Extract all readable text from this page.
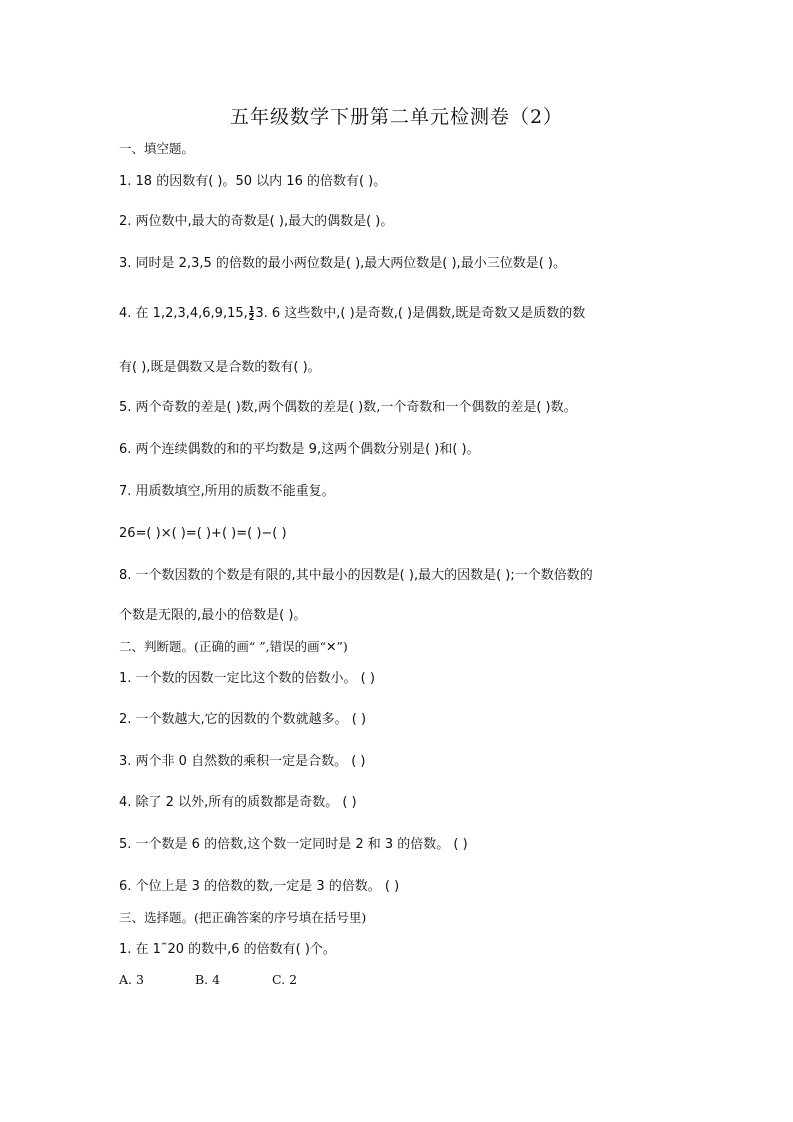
五年级数学下册第二单元检测卷（2）
一、填空题。
1. 18 的因数有( )。50 以内 16 的倍数有( )。
2. 两位数中,最大的奇数是( ),最大的偶数是( )。
3. 同时是 2,3,5 的倍数的最小两位数是( ),最大两位数是( ),最小三位数是( )。
4. 在 1,2,3,4,6,9,15, $\frac{1}{2} 3$. 6 这些数中,( )是奇数,( )是偶数,既是奇数又是质数的数
有( ),既是偶数又是合数的数有( )。
5. 两个奇数的差是( )数,两个偶数的差是( )数,一个奇数和一个偶数的差是( )数。
6. 两个连续偶数的和的平均数是 9,这两个偶数分别是( )和( )。
7. 用质数填空,所用的质数不能重复。
26=( )×( )=( )+( )=( )−( )
8. 一个数因数的个数是有限的,其中最小的因数是( ),最大的因数是( );一个数倍数的
个数是无限的,最小的倍数是( )。
二、判断题。(正确的画“ ”,错误的画“✕”)
1. 一个数的因数一定比这个数的倍数小。 ( )
2. 一个数越大,它的因数的个数就越多。 ( )
3. 两个非 0 自然数的乘积一定是合数。 ( )
4. 除了 2 以外,所有的质数都是奇数。 ( )
5. 一个数是 6 的倍数,这个数一定同时是 2 和 3 的倍数。 ( )
6. 个位上是 3 的倍数的数,一定是 3 的倍数。 ( )
三、选择题。(把正确答案的序号填在括号里)
1. 在 1˜20 的数中,6 的倍数有( )个。
A. 3	B. 4	C. 2
